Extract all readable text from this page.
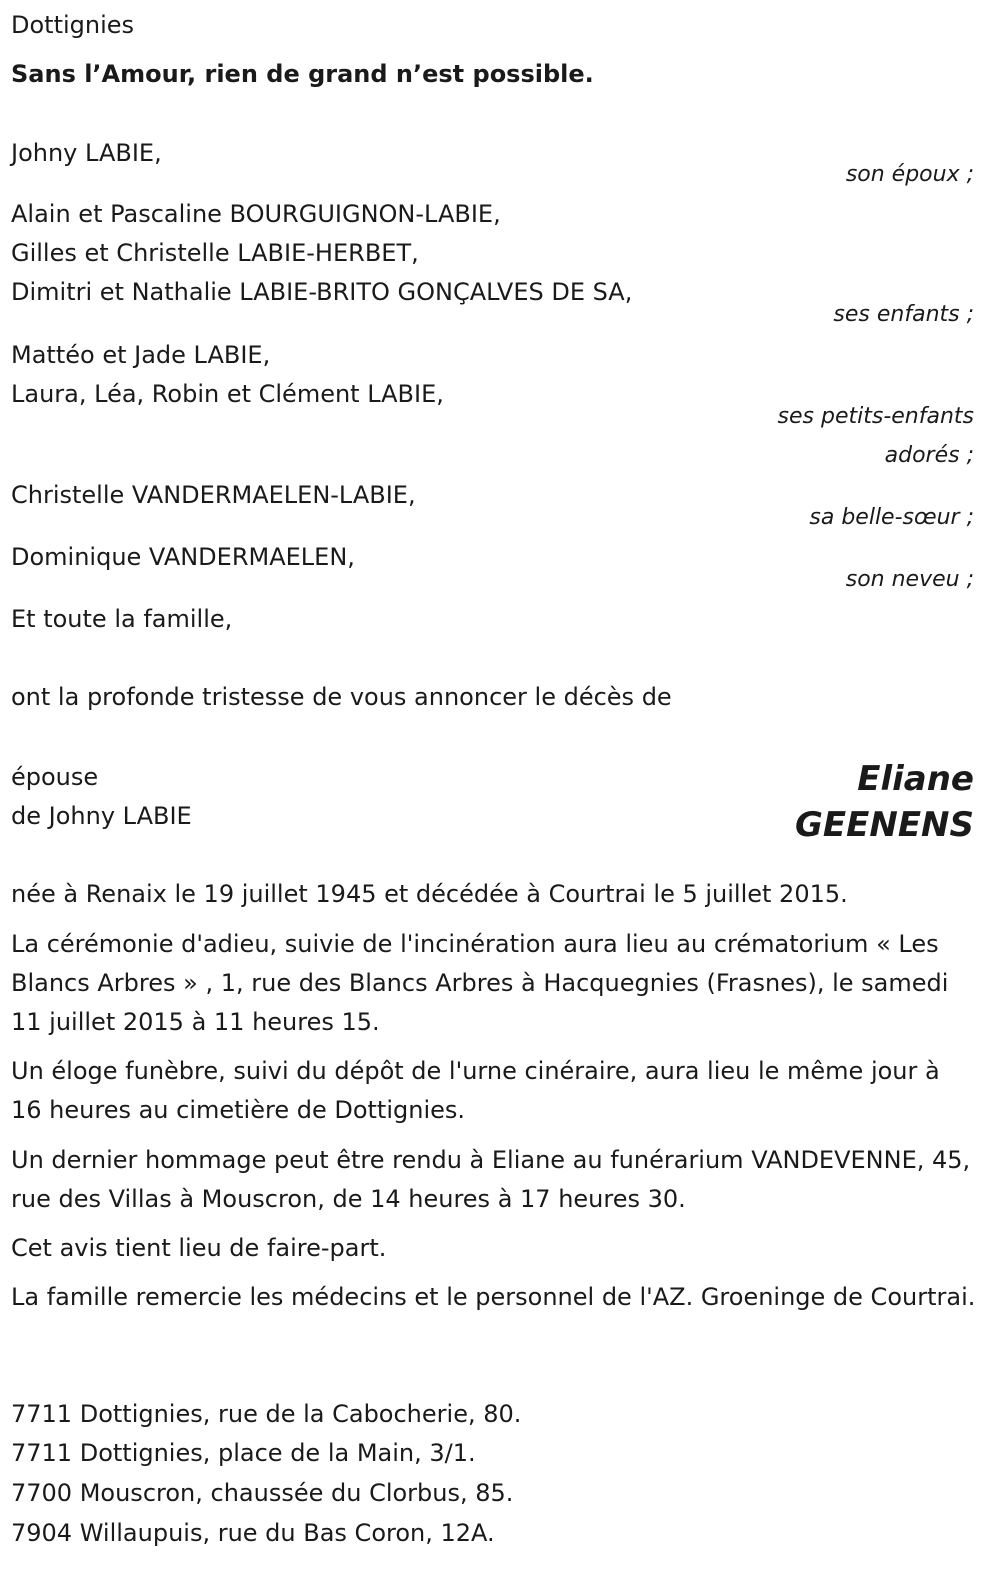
Dottignies

Sans l’Amour, rien de grand n’est possible.

Johny LABIE,

son époux ;

Alain et Pascaline BOURGUIGNON-LABIE,

Gilles et Christelle LABIE-HERBET,

Dimitri et Nathalie LABIE-BRITO GONÇALVES DE SA,

ses enfants ;

Mattéo et Jade LABIE,

Laura, Léa, Robin et Clément LABIE,

ses petits-enfants
adorés ;

Christelle VANDERMAELEN-LABIE,

sa belle-sœur ;

Dominique VANDERMAELEN,

son neveu ;

Et toute la famille,

ont la profonde tristesse de vous annoncer le décès de

épouse

de Johny LABIE

Eliane
GEENENS

née à Renaix le 19 juillet 1945 et décédée à Courtrai le 5 juillet 2015.

La cérémonie d'adieu, suivie de l'incinération aura lieu au crématorium « Les Blancs Arbres » , 1, rue des Blancs Arbres à Hacquegnies (Frasnes), le samedi 11 juillet 2015 à 11 heures 15.

Un éloge funèbre, suivi du dépôt de l'urne cinéraire, aura lieu le même jour à 16 heures au cimetière de Dottignies.

Un dernier hommage peut être rendu à Eliane au funérarium VANDEVENNE, 45, rue des Villas à Mouscron, de 14 heures à 17 heures 30.

Cet avis tient lieu de faire-part.

La famille remercie les médecins et le personnel de l'AZ. Groeninge de Courtrai.

7711 Dottignies, rue de la Cabocherie, 80.

7711 Dottignies, place de la Main, 3/1.

7700 Mouscron, chaussée du Clorbus, 85.

7904 Willaupuis, rue du Bas Coron, 12A.
